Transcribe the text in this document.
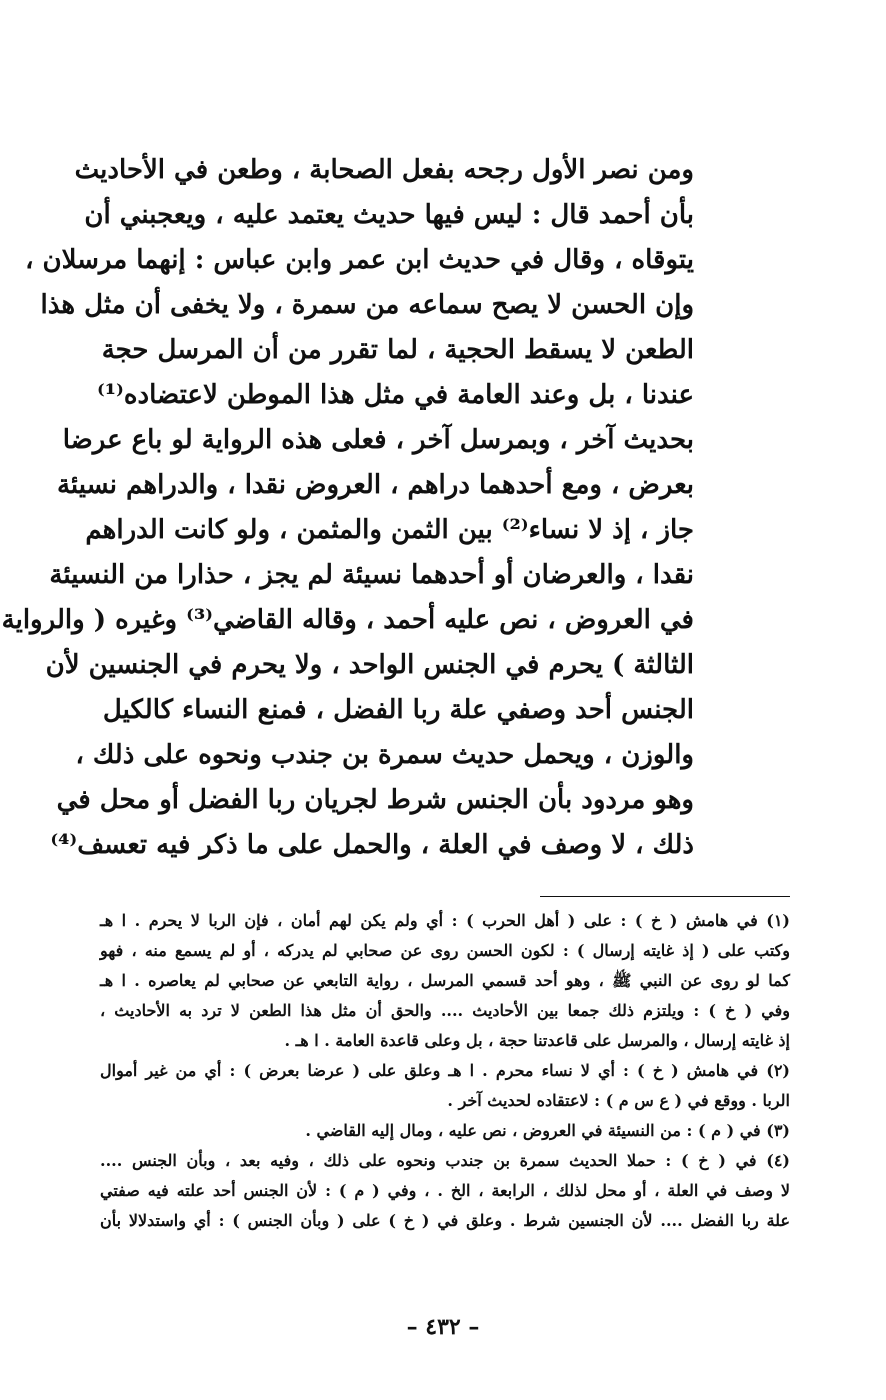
ومن نصر الأول رجحه بفعل الصحابة ، وطعن في الأحاديث
بأن أحمد قال : ليس فيها حديث يعتمد عليه ، ويعجبني أن
يتوقاه ، وقال في حديث ابن عمر وابن عباس : إنهما مرسلان ،
وإن الحسن لا يصح سماعه من سمرة ، ولا يخفى أن مثل هذا
الطعن لا يسقط الحجية ، لما تقرر من أن المرسل حجة
عندنا ، بل وعند العامة في مثل هذا الموطن لاعتضاده⁽¹⁾
بحديث آخر ، وبمرسل آخر ، فعلى هذه الرواية لو باع عرضا
بعرض ، ومع أحدهما دراهم ، العروض نقدا ، والدراهم نسيئة
جاز ، إذ لا نساء⁽²⁾ بين الثمن والمثمن ، ولو كانت الدراهم
نقدا ، والعرضان أو أحدهما نسيئة لم يجز ، حذارا من النسيئة
في العروض ، نص عليه أحمد ، وقاله القاضي⁽³⁾ وغيره ( والرواية
الثالثة ) يحرم في الجنس الواحد ، ولا يحرم في الجنسين لأن
الجنس أحد وصفي علة ربا الفضل ، فمنع النساء كالكيل
والوزن ، ويحمل حديث سمرة بن جندب ونحوه على ذلك ،
وهو مردود بأن الجنس شرط لجريان ربا الفضل أو محل في
ذلك ، لا وصف في العلة ، والحمل على ما ذكر فيه تعسف⁽⁴⁾
(١) في هامش ( خ ) : على ( أهل الحرب ) : أي ولم يكن لهم أمان ، فإن الربا لا يحرم . ا هـ
وكتب على ( إذ غايته إرسال ) : لكون الحسن روى عن صحابي لم يدركه ، أو لم يسمع منه ، فهو
كما لو روى عن النبي ﷺ ، وهو أحد قسمي المرسل ، رواية التابعي عن صحابي لم يعاصره . ا هـ
وفي ( خ ) : ويلتزم ذلك جمعا بين الأحاديث .... والحق أن مثل هذا الطعن لا ترد به الأحاديث ،
إذ غايته إرسال ، والمرسل على قاعدتنا حجة ، بل وعلى قاعدة العامة . ا هـ .
(٢) في هامش ( خ ) : أي لا نساء محرم . ا هـ وعلق على ( عرضا بعرض ) : أي من غير أموال
الربا . ووقع في ( ع س م ) : لاعتقاده لحديث آخر .
(٣) في ( م ) : من النسيئة في العروض ، نص عليه ، ومال إليه القاضي .
(٤) في ( خ ) : حملا الحديث سمرة بن جندب ونحوه على ذلك ، وفيه بعد ، وبأن الجنس ....
لا وصف في العلة ، أو محل لذلك ، الرابعة ، الخ . ، وفي ( م ) : لأن الجنس أحد علته فيه صفتي
علة ربا الفضل .... لأن الجنسين شرط . وعلق في ( خ ) على ( وبأن الجنس ) : أي واستدلالا بأن
– ٤٣٢ –
